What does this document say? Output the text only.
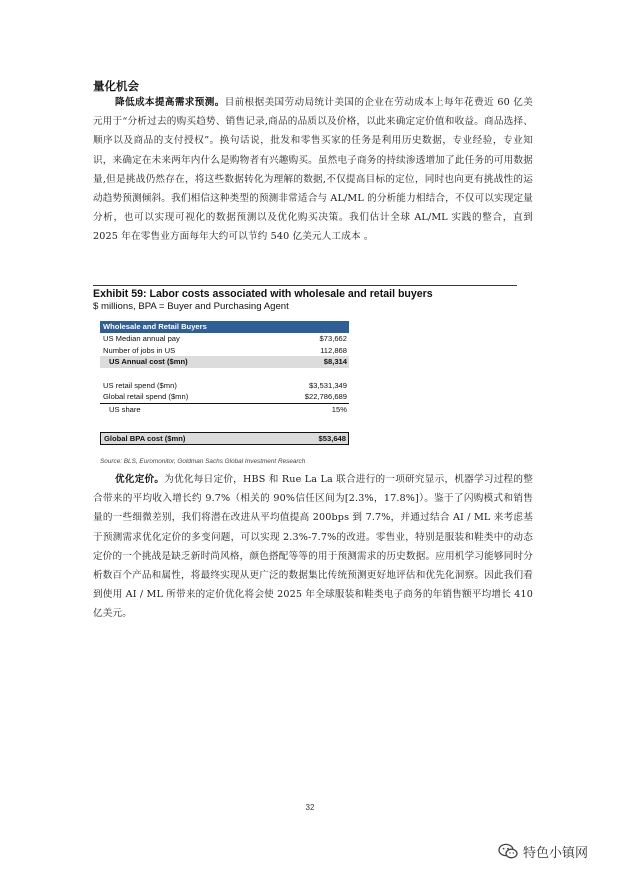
量化机会

降低成本提高需求预测。目前根据美国劳动局统计美国的企业在劳动成本上每年花费近 60 亿美元用于“分析过去的购买趋势、销售记录,商品的品质以及价格，以此来确定定价值和收益。商品选择、顺序以及商品的支付授权”。换句话说，批发和零售买家的任务是利用历史数据，专业经验，专业知识，来确定在未来两年内什么是购物者有兴趣购买。虽然电子商务的持续渗透增加了此任务的可用数据量,但是挑战仍然存在，将这些数据转化为理解的数据,不仅提高目标的定位，同时也向更有挑战性的运动趋势预测倾斜。我们相信这种类型的预测非常适合与 AL/ML 的分析能力相结合，不仅可以实现定量分析，也可以实现可视化的数据预测以及优化购买决策。我们估计全球 AL/ML 实践的整合，直到 2025 年在零售业方面每年大约可以节约 540 亿美元人工成本 。

Exhibit 59: Labor costs associated with wholesale and retail buyers
$ millions, BPA = Buyer and Purchasing Agent
Wholesale and Retail Buyers
US Median annual pay	$73,662
Number of jobs in US	112,868
US Annual cost ($mn)	$8,314
US retail spend ($mn)	$3,531,349
Global retail spend ($mn)	$22,786,689
US share	15%
Global BPA cost ($mn)	$53,648
Source: BLS, Euromonitor, Goldman Sachs Global Investment Research

优化定价。为优化每日定价，HBS 和 Rue La La 联合进行的一项研究显示，机器学习过程的整合带来的平均收入增长约 9.7%（相关的 90%信任区间为[2.3%，17.8%]）。鉴于了闪购模式和销售量的一些细微差别，我们将潜在改进从平均值提高 200bps 到 7.7%，并通过结合 AI / ML 来考虑基于预测需求优化定价的多变问题，可以实现 2.3%-7.7%的改进。零售业，特别是服装和鞋类中的动态定价的一个挑战是缺乏新时尚风格，颜色搭配等等的用于预测需求的历史数据。应用机学习能够同时分析数百个产品和属性，将最终实现从更广泛的数据集比传统预测更好地评估和优先化洞察。因此我们看到使用 AI / ML 所带来的定价优化将会使 2025 年全球服装和鞋类电子商务的年销售额平均增长 410 亿美元。

32
特色小镇网
